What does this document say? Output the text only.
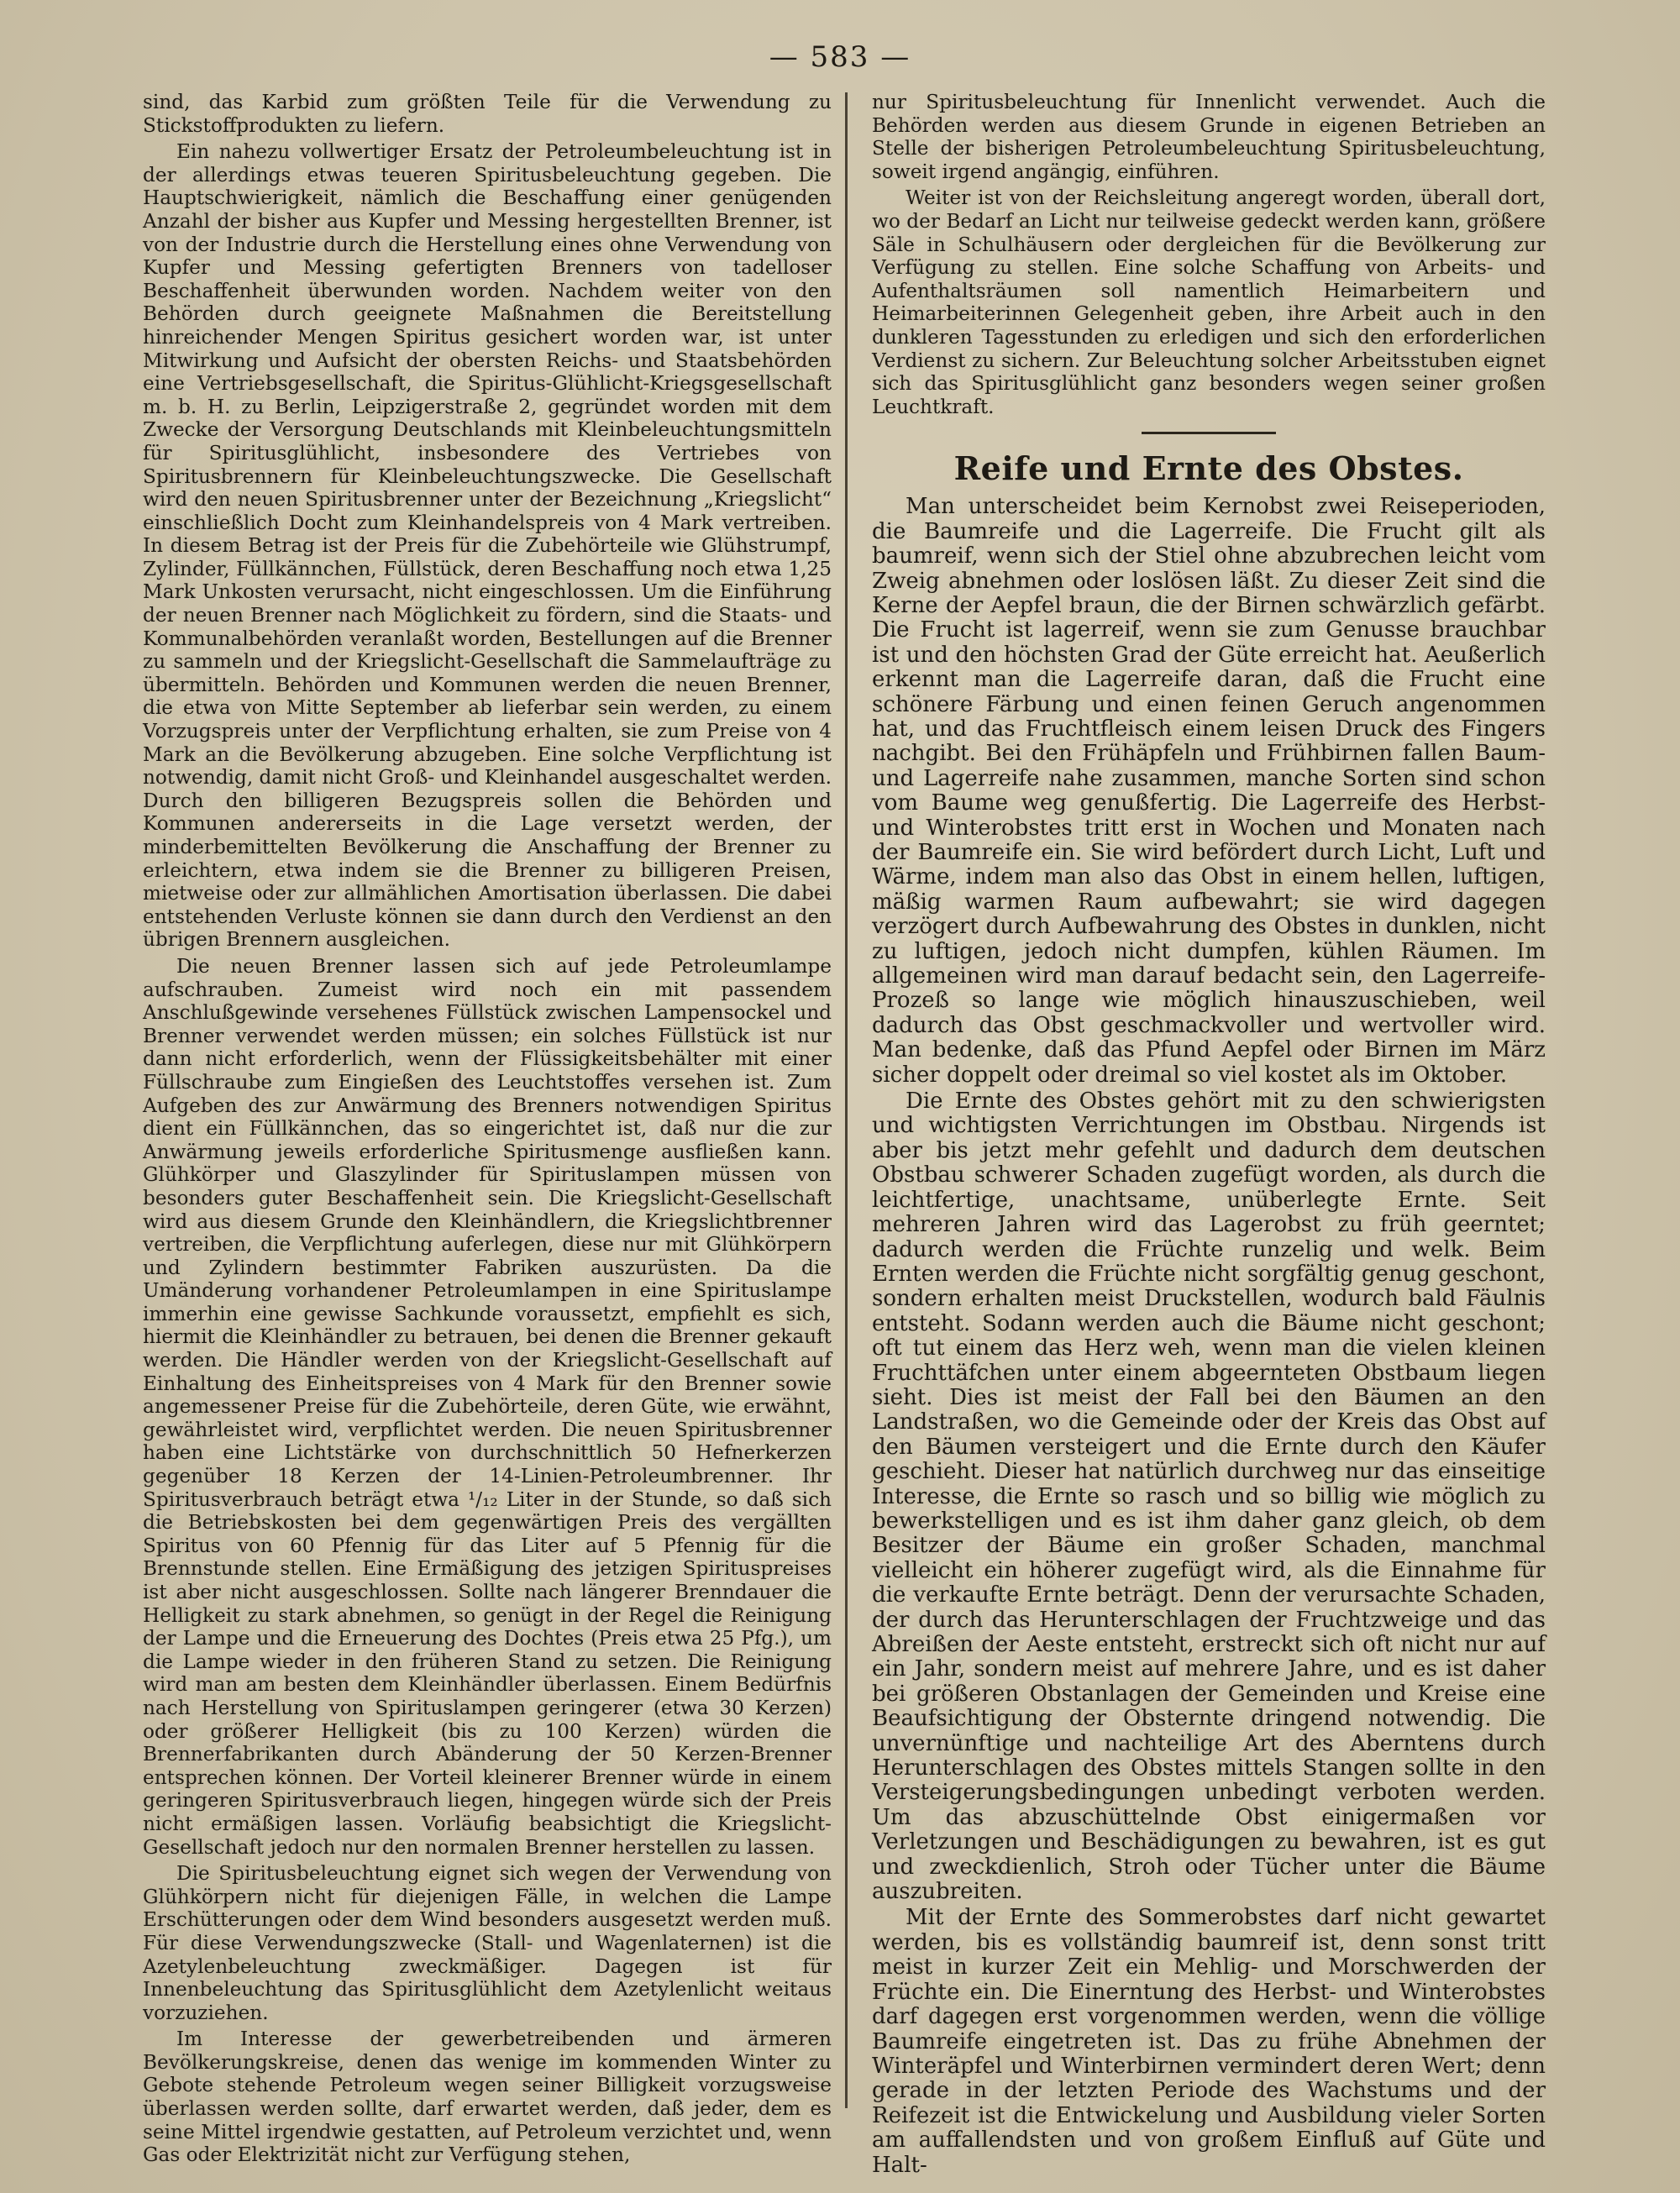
— 583 —

sind, das Karbid zum größten Teile für die Verwendung zu Stickstoffprodukten zu liefern.

Ein nahezu vollwertiger Ersatz der Petroleumbeleuchtung ist in der allerdings etwas teueren Spiritusbeleuchtung gegeben. Die Hauptschwierigkeit, nämlich die Beschaffung einer genügenden Anzahl der bisher aus Kupfer und Messing hergestellten Brenner, ist von der Industrie durch die Herstellung eines ohne Verwendung von Kupfer und Messing gefertigten Brenners von tadelloser Beschaffenheit überwunden worden. Nachdem weiter von den Behörden durch geeignete Maßnahmen die Bereitstellung hinreichender Mengen Spiritus gesichert worden war, ist unter Mitwirkung und Aufsicht der obersten Reichs- und Staatsbehörden eine Vertriebsgesellschaft, die Spiritus-Glühlicht-Kriegsgesellschaft m. b. H. zu Berlin, Leipzigerstraße 2, gegründet worden mit dem Zwecke der Versorgung Deutschlands mit Kleinbeleuchtungsmitteln für Spiritusglühlicht, insbesondere des Vertriebes von Spiritusbrennern für Kleinbeleuchtungszwecke. Die Gesellschaft wird den neuen Spiritusbrenner unter der Bezeichnung „Kriegslicht“ einschließlich Docht zum Kleinhandelspreis von 4 Mark vertreiben. In diesem Betrag ist der Preis für die Zubehörteile wie Glühstrumpf, Zylinder, Füllkännchen, Füllstück, deren Beschaffung noch etwa 1,25 Mark Unkosten verursacht, nicht eingeschlossen. Um die Einführung der neuen Brenner nach Möglichkeit zu fördern, sind die Staats- und Kommunalbehörden veranlaßt worden, Bestellungen auf die Brenner zu sammeln und der Kriegslicht-Gesellschaft die Sammelaufträge zu übermitteln. Behörden und Kommunen werden die neuen Brenner, die etwa von Mitte September ab lieferbar sein werden, zu einem Vorzugspreis unter der Verpflichtung erhalten, sie zum Preise von 4 Mark an die Bevölkerung abzugeben. Eine solche Verpflichtung ist notwendig, damit nicht Groß- und Kleinhandel ausgeschaltet werden. Durch den billigeren Bezugspreis sollen die Behörden und Kommunen andererseits in die Lage versetzt werden, der minderbemittelten Bevölkerung die Anschaffung der Brenner zu erleichtern, etwa indem sie die Brenner zu billigeren Preisen, mietweise oder zur allmählichen Amortisation überlassen. Die dabei entstehenden Verluste können sie dann durch den Verdienst an den übrigen Brennern ausgleichen.

Die neuen Brenner lassen sich auf jede Petroleumlampe aufschrauben. Zumeist wird noch ein mit passendem Anschlußgewinde versehenes Füllstück zwischen Lampensockel und Brenner verwendet werden müssen; ein solches Füllstück ist nur dann nicht erforderlich, wenn der Flüssigkeitsbehälter mit einer Füllschraube zum Eingießen des Leuchtstoffes versehen ist. Zum Aufgeben des zur Anwärmung des Brenners notwendigen Spiritus dient ein Füllkännchen, das so eingerichtet ist, daß nur die zur Anwärmung jeweils erforderliche Spiritusmenge ausfließen kann. Glühkörper und Glaszylinder für Spirituslampen müssen von besonders guter Beschaffenheit sein. Die Kriegslicht-Gesellschaft wird aus diesem Grunde den Kleinhändlern, die Kriegslichtbrenner vertreiben, die Verpflichtung auferlegen, diese nur mit Glühkörpern und Zylindern bestimmter Fabriken auszurüsten. Da die Umänderung vorhandener Petroleumlampen in eine Spirituslampe immerhin eine gewisse Sachkunde voraussetzt, empfiehlt es sich, hiermit die Kleinhändler zu betrauen, bei denen die Brenner gekauft werden. Die Händler werden von der Kriegslicht-Gesellschaft auf Einhaltung des Einheitspreises von 4 Mark für den Brenner sowie angemessener Preise für die Zubehörteile, deren Güte, wie erwähnt, gewährleistet wird, verpflichtet werden. Die neuen Spiritusbrenner haben eine Lichtstärke von durchschnittlich 50 Hefnerkerzen gegenüber 18 Kerzen der 14-Linien-Petroleumbrenner. Ihr Spiritusverbrauch beträgt etwa ¹/₁₂ Liter in der Stunde, so daß sich die Betriebskosten bei dem gegenwärtigen Preis des vergällten Spiritus von 60 Pfennig für das Liter auf 5 Pfennig für die Brennstunde stellen. Eine Ermäßigung des jetzigen Spirituspreises ist aber nicht ausgeschlossen. Sollte nach längerer Brenndauer die Helligkeit zu stark abnehmen, so genügt in der Regel die Reinigung der Lampe und die Erneuerung des Dochtes (Preis etwa 25 Pfg.), um die Lampe wieder in den früheren Stand zu setzen. Die Reinigung wird man am besten dem Kleinhändler überlassen. Einem Bedürfnis nach Herstellung von Spirituslampen geringerer (etwa 30 Kerzen) oder größerer Helligkeit (bis zu 100 Kerzen) würden die Brennerfabrikanten durch Abänderung der 50 Kerzen-Brenner entsprechen können. Der Vorteil kleinerer Brenner würde in einem geringeren Spiritusverbrauch liegen, hingegen würde sich der Preis nicht ermäßigen lassen. Vorläufig beabsichtigt die Kriegslicht-Gesellschaft jedoch nur den normalen Brenner herstellen zu lassen.

Die Spiritusbeleuchtung eignet sich wegen der Verwendung von Glühkörpern nicht für diejenigen Fälle, in welchen die Lampe Erschütterungen oder dem Wind besonders ausgesetzt werden muß. Für diese Verwendungszwecke (Stall- und Wagenlaternen) ist die Azetylenbeleuchtung zweckmäßiger. Dagegen ist für Innenbeleuchtung das Spiritusglühlicht dem Azetylenlicht weitaus vorzuziehen.

Im Interesse der gewerbetreibenden und ärmeren Bevölkerungskreise, denen das wenige im kommenden Winter zu Gebote stehende Petroleum wegen seiner Billigkeit vorzugsweise überlassen werden sollte, darf erwartet werden, daß jeder, dem es seine Mittel irgendwie gestatten, auf Petroleum verzichtet und, wenn Gas oder Elektrizität nicht zur Verfügung stehen,

nur Spiritusbeleuchtung für Innenlicht verwendet. Auch die Behörden werden aus diesem Grunde in eigenen Betrieben an Stelle der bisherigen Petroleumbeleuchtung Spiritusbeleuchtung, soweit irgend angängig, einführen.

Weiter ist von der Reichsleitung angeregt worden, überall dort, wo der Bedarf an Licht nur teilweise gedeckt werden kann, größere Säle in Schulhäusern oder dergleichen für die Bevölkerung zur Verfügung zu stellen. Eine solche Schaffung von Arbeits- und Aufenthaltsräumen soll namentlich Heimarbeitern und Heimarbeiterinnen Gelegenheit geben, ihre Arbeit auch in den dunkleren Tagesstunden zu erledigen und sich den erforderlichen Verdienst zu sichern. Zur Beleuchtung solcher Arbeitsstuben eignet sich das Spiritusglühlicht ganz besonders wegen seiner großen Leuchtkraft.

Reife und Ernte des Obstes.

Man unterscheidet beim Kernobst zwei Reiseperioden, die Baumreife und die Lagerreife. Die Frucht gilt als baumreif, wenn sich der Stiel ohne abzubrechen leicht vom Zweig abnehmen oder loslösen läßt. Zu dieser Zeit sind die Kerne der Aepfel braun, die der Birnen schwärzlich gefärbt. Die Frucht ist lagerreif, wenn sie zum Genusse brauchbar ist und den höchsten Grad der Güte erreicht hat. Aeußerlich erkennt man die Lagerreife daran, daß die Frucht eine schönere Färbung und einen feinen Geruch angenommen hat, und das Fruchtfleisch einem leisen Druck des Fingers nachgibt. Bei den Frühäpfeln und Frühbirnen fallen Baum- und Lagerreife nahe zusammen, manche Sorten sind schon vom Baume weg genußfertig. Die Lagerreife des Herbst- und Winterobstes tritt erst in Wochen und Monaten nach der Baumreife ein. Sie wird befördert durch Licht, Luft und Wärme, indem man also das Obst in einem hellen, luftigen, mäßig warmen Raum aufbewahrt; sie wird dagegen verzögert durch Aufbewahrung des Obstes in dunklen, nicht zu luftigen, jedoch nicht dumpfen, kühlen Räumen. Im allgemeinen wird man darauf bedacht sein, den Lagerreife-Prozeß so lange wie möglich hinauszuschieben, weil dadurch das Obst geschmackvoller und wertvoller wird. Man bedenke, daß das Pfund Aepfel oder Birnen im März sicher doppelt oder dreimal so viel kostet als im Oktober.

Die Ernte des Obstes gehört mit zu den schwierigsten und wichtigsten Verrichtungen im Obstbau. Nirgends ist aber bis jetzt mehr gefehlt und dadurch dem deutschen Obstbau schwerer Schaden zugefügt worden, als durch die leichtfertige, unachtsame, unüberlegte Ernte. Seit mehreren Jahren wird das Lagerobst zu früh geerntet; dadurch werden die Früchte runzelig und welk. Beim Ernten werden die Früchte nicht sorgfältig genug geschont, sondern erhalten meist Druckstellen, wodurch bald Fäulnis entsteht. Sodann werden auch die Bäume nicht geschont; oft tut einem das Herz weh, wenn man die vielen kleinen Fruchttäfchen unter einem abgeernteten Obstbaum liegen sieht. Dies ist meist der Fall bei den Bäumen an den Landstraßen, wo die Gemeinde oder der Kreis das Obst auf den Bäumen versteigert und die Ernte durch den Käufer geschieht. Dieser hat natürlich durchweg nur das einseitige Interesse, die Ernte so rasch und so billig wie möglich zu bewerkstelligen und es ist ihm daher ganz gleich, ob dem Besitzer der Bäume ein großer Schaden, manchmal vielleicht ein höherer zugefügt wird, als die Einnahme für die verkaufte Ernte beträgt. Denn der verursachte Schaden, der durch das Herunterschlagen der Fruchtzweige und das Abreißen der Aeste entsteht, erstreckt sich oft nicht nur auf ein Jahr, sondern meist auf mehrere Jahre, und es ist daher bei größeren Obstanlagen der Gemeinden und Kreise eine Beaufsichtigung der Obsternte dringend notwendig. Die unvernünftige und nachteilige Art des Aberntens durch Herunterschlagen des Obstes mittels Stangen sollte in den Versteigerungsbedingungen unbedingt verboten werden. Um das abzuschüttelnde Obst einigermaßen vor Verletzungen und Beschädigungen zu bewahren, ist es gut und zweckdienlich, Stroh oder Tücher unter die Bäume auszubreiten.

Mit der Ernte des Sommerobstes darf nicht gewartet werden, bis es vollständig baumreif ist, denn sonst tritt meist in kurzer Zeit ein Mehlig- und Morschwerden der Früchte ein. Die Einerntung des Herbst- und Winterobstes darf dagegen erst vorgenommen werden, wenn die völlige Baumreife eingetreten ist. Das zu frühe Abnehmen der Winteräpfel und Winterbirnen vermindert deren Wert; denn gerade in der letzten Periode des Wachstums und der Reifezeit ist die Entwickelung und Ausbildung vieler Sorten am auffallendsten und von großem Einfluß auf Güte und Halt-
